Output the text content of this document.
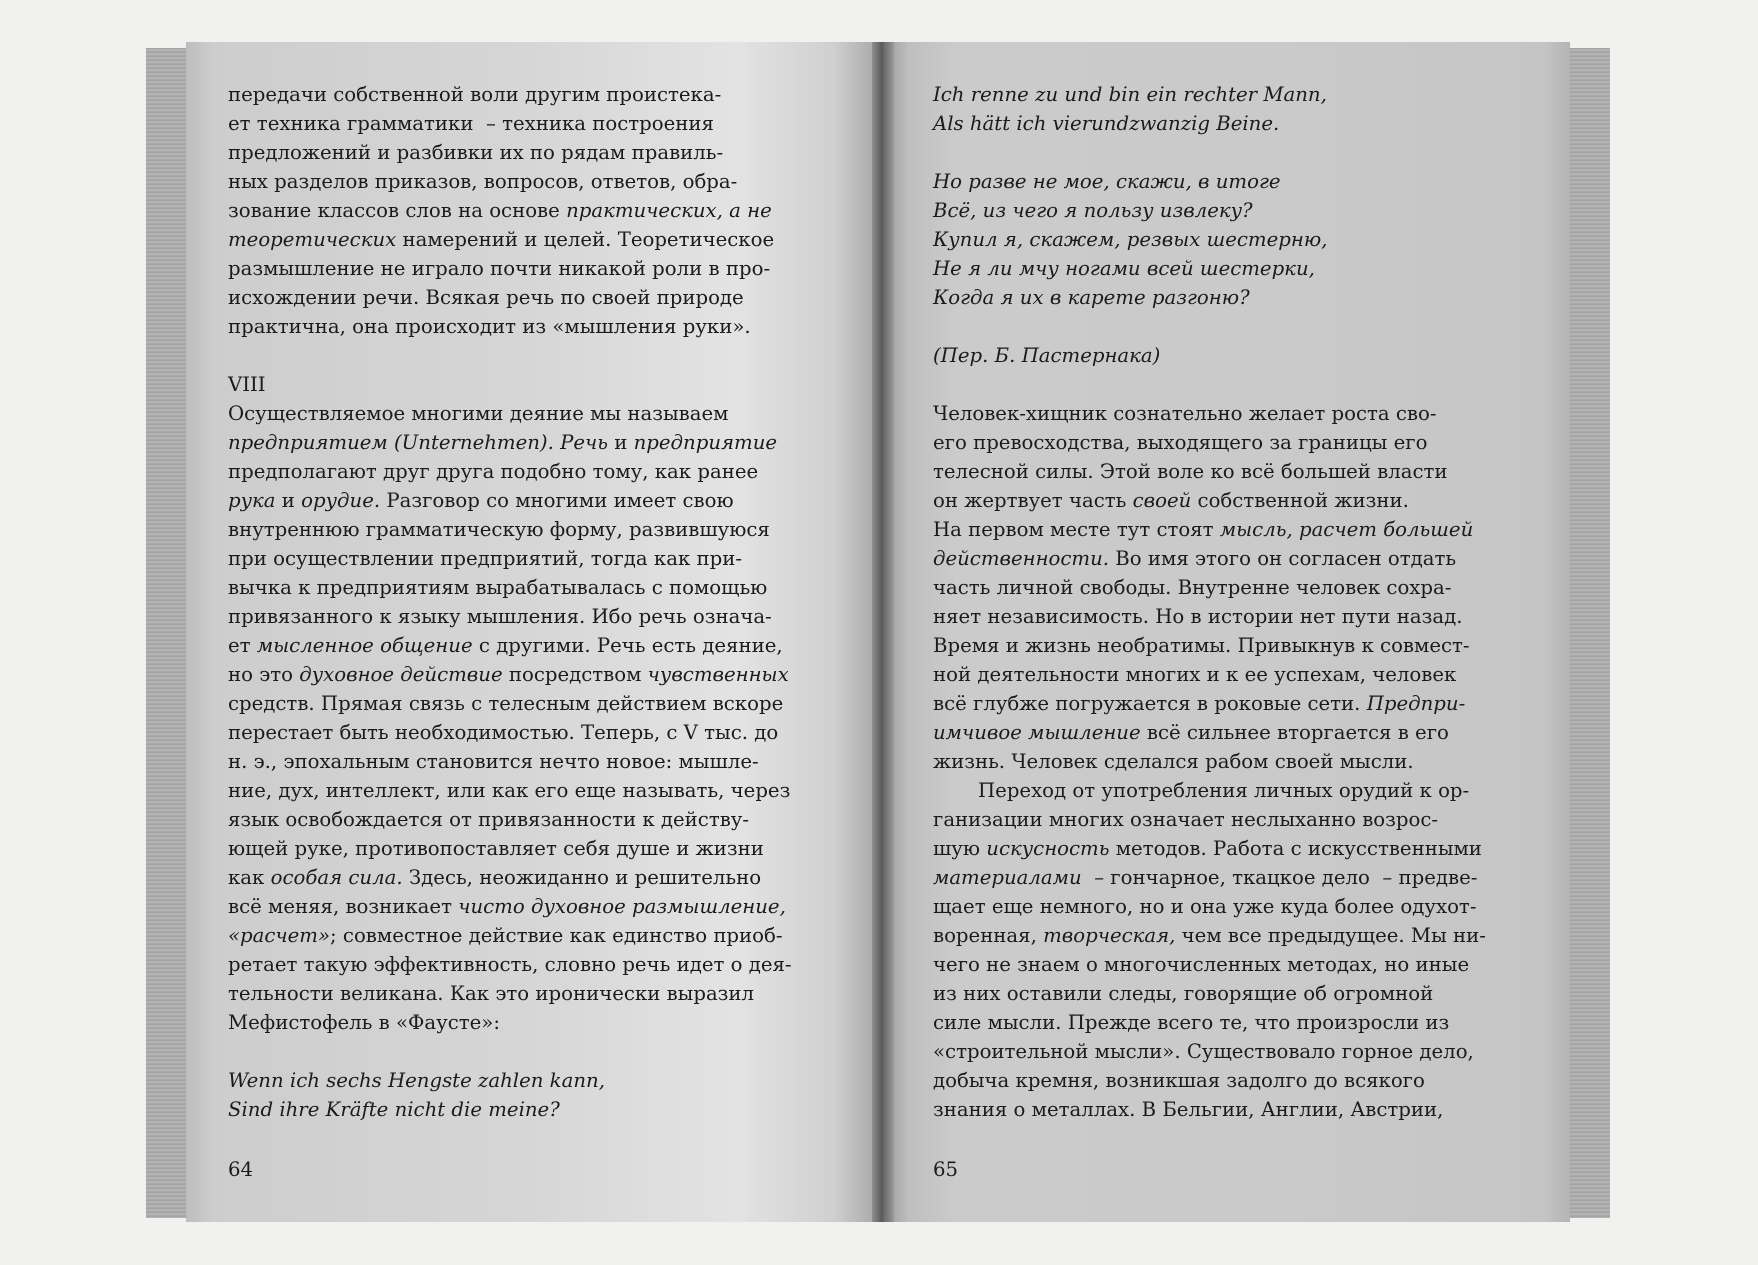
передачи собственной воли другим проистека-
ет техника грамматики  – техника построения
предложений и разбивки их по рядам правиль-
ных разделов приказов, вопросов, ответов, обра-
зование классов слов на основе практических, а не
теоретических намерений и целей. Теоретическое
размышление не играло почти никакой роли в про-
исхождении речи. Всякая речь по своей природе
практична, она происходит из «мышления руки».
VIII
Осуществляемое многими деяние мы называем
предприятием (Unternehmen). Речь и предприятие
предполагают друг друга подобно тому, как ранее
рука и орудие. Разговор со многими имеет свою
внутреннюю грамматическую форму, развившуюся
при осуществлении предприятий, тогда как при-
вычка к предприятиям вырабатывалась с помощью
привязанного к языку мышления. Ибо речь означа-
ет мысленное общение с другими. Речь есть деяние,
но это духовное действие посредством чувственных
средств. Прямая связь с телесным действием вскоре
перестает быть необходимостью. Теперь, с V тыс. до
н. э., эпохальным становится нечто новое: мышле-
ние, дух, интеллект, или как его еще называть, через
язык освобождается от привязанности к действу-
ющей руке, противопоставляет себя душе и жизни
как особая сила. Здесь, неожиданно и решительно
всё меняя, возникает чисто духовное размышление,
«расчет»; совместное действие как единство приоб-
ретает такую эффективность, словно речь идет о дея-
тельности великана. Как это иронически выразил
Мефистофель в «Фаусте»:
Wenn ich sechs Hengste zahlen kann,
Sind ihre Kräfte nicht die meine?
64
Ich renne zu und bin ein rechter Mann,
Als hätt ich vierundzwanzig Beine.
Но разве не мое, скажи, в итоге
Всё, из чего я пользу извлеку?
Купил я, скажем, резвых шестерню,
Не я ли мчу ногами всей шестерки,
Когда я их в карете разгоню?
(Пер. Б. Пастернака)
Человек-хищник сознательно желает роста сво-
его превосходства, выходящего за границы его
телесной силы. Этой воле ко всё большей власти
он жертвует часть своей собственной жизни.
На первом месте тут стоят мысль, расчет большей
действенности. Во имя этого он согласен отдать
часть личной свободы. Внутренне человек сохра-
няет независимость. Но в истории нет пути назад.
Время и жизнь необратимы. Привыкнув к совмест-
ной деятельности многих и к ее успехам, человек
всё глубже погружается в роковые сети. Предпри-
имчивое мышление всё сильнее вторгается в его
жизнь. Человек сделался рабом своей мысли.
Переход от употребления личных орудий к ор-
ганизации многих означает неслыханно возрос-
шую искусность методов. Работа с искусственными
материалами  – гончарное, ткацкое дело  – предве-
щает еще немного, но и она уже куда более одухот-
воренная, творческая, чем все предыдущее. Мы ни-
чего не знаем о многочисленных методах, но иные
из них оставили следы, говорящие об огромной
силе мысли. Прежде всего те, что произросли из
«строительной мысли». Существовало горное дело,
добыча кремня, возникшая задолго до всякого
знания о металлах. В Бельгии, Англии, Австрии,
65
